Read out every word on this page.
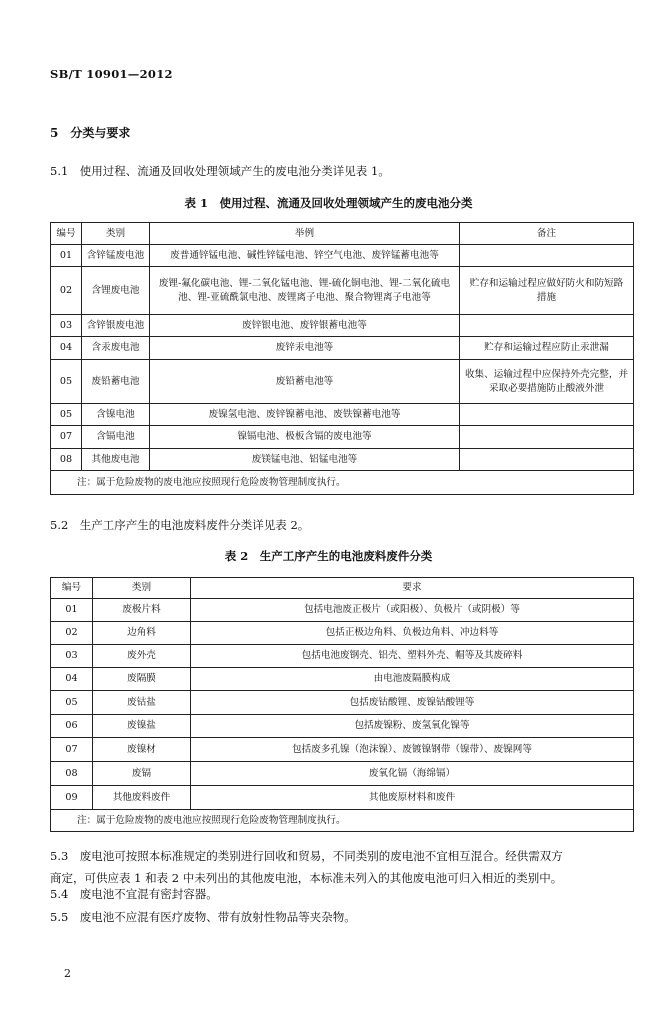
SB/T 10901—2012
5　分类与要求
5.1　使用过程、流通及回收处理领域产生的废电池分类详见表 1。
表 1　使用过程、流通及回收处理领域产生的废电池分类
编号	类别	举例	备注
01	含锌锰废电池	废普通锌锰电池、碱性锌锰电池、锌空气电池、废锌锰蓄电池等	
02	含锂废电池	废锂-氟化碳电池、锂-二氧化锰电池、锂-硫化铜电池、锂-二氧化硫电池、锂-亚硫酰氯电池、废锂离子电池、聚合物锂离子电池等	贮存和运输过程应做好防火和防短路措施
03	含锌银废电池	废锌银电池、废锌银蓄电池等	
04	含汞废电池	废锌汞电池等	贮存和运输过程应防止汞泄漏
05	废铅蓄电池	废铅蓄电池等	收集、运输过程中应保持外壳完整，并采取必要措施防止酸液外泄
05	含镍电池	废镍氢电池、废锌镍蓄电池、废铁镍蓄电池等	
07	含镉电池	镍镉电池、极板含镉的废电池等	
08	其他废电池	废镁锰电池、铝锰电池等	
注：属于危险废物的废电池应按照现行危险废物管理制度执行。			
5.2　生产工序产生的电池废料废件分类详见表 2。
表 2　生产工序产生的电池废料废件分类
编号	类别	要求
01	废极片料	包括电池废正极片（或阳极）、负极片（或阴极）等
02	边角料	包括正极边角料、负极边角料、冲边料等
03	废外壳	包括电池废钢壳、铝壳、塑料外壳、帽等及其废碎料
04	废隔膜	由电池废隔膜构成
05	废钴盐	包括废钴酸锂、废镍钴酸锂等
06	废镍盐	包括废镍粉、废氢氧化镍等
07	废镍材	包括废多孔镍（泡沫镍）、废镀镍钢带（镍带）、废镍网等
08	废镉	废氧化镉（海绵镉）
09	其他废料废件	其他废原材料和废件
注：属于危险废物的废电池应按照现行危险废物管理制度执行。		
5.3　废电池可按照本标准规定的类别进行回收和贸易，不同类别的废电池不宜相互混合。经供需双方
商定，可供应表 1 和表 2 中未列出的其他废电池，本标准未列入的其他废电池可归入相近的类别中。
5.4　废电池不宜混有密封容器。
5.5　废电池不应混有医疗废物、带有放射性物品等夹杂物。
2
